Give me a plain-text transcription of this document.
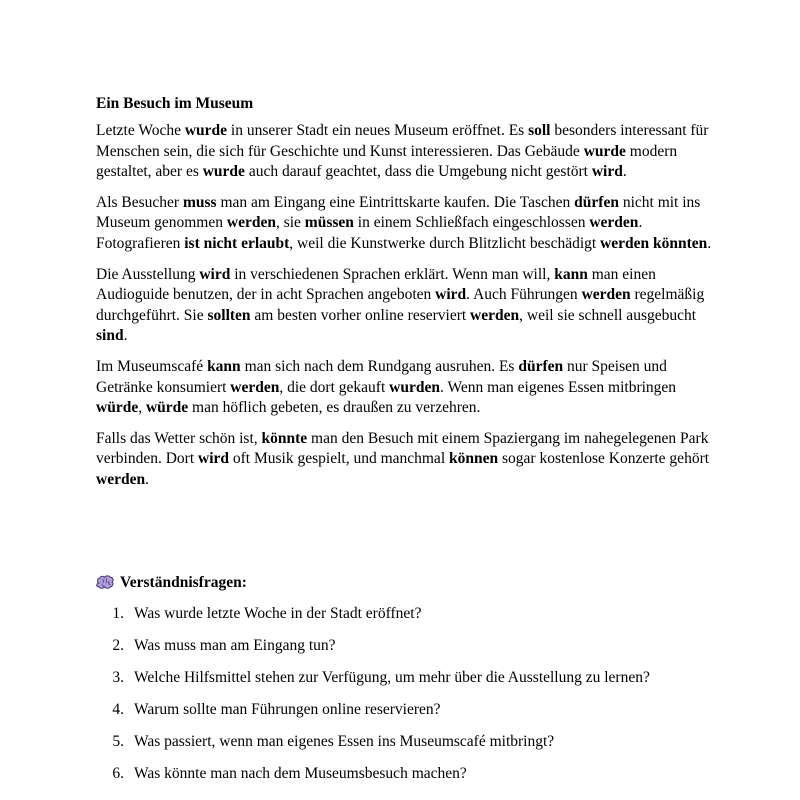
Ein Besuch im Museum

Letzte Woche wurde in unserer Stadt ein neues Museum eröffnet. Es soll besonders interessant für Menschen sein, die sich für Geschichte und Kunst interessieren. Das Gebäude wurde modern gestaltet, aber es wurde auch darauf geachtet, dass die Umgebung nicht gestört wird.

Als Besucher muss man am Eingang eine Eintrittskarte kaufen. Die Taschen dürfen nicht mit ins Museum genommen werden, sie müssen in einem Schließfach eingeschlossen werden. Fotografieren ist nicht erlaubt, weil die Kunstwerke durch Blitzlicht beschädigt werden könnten.

Die Ausstellung wird in verschiedenen Sprachen erklärt. Wenn man will, kann man einen Audioguide benutzen, der in acht Sprachen angeboten wird. Auch Führungen werden regelmäßig durchgeführt. Sie sollten am besten vorher online reserviert werden, weil sie schnell ausgebucht sind.

Im Museumscafé kann man sich nach dem Rundgang ausruhen. Es dürfen nur Speisen und Getränke konsumiert werden, die dort gekauft wurden. Wenn man eigenes Essen mitbringen würde, würde man höflich gebeten, es draußen zu verzehren.

Falls das Wetter schön ist, könnte man den Besuch mit einem Spaziergang im nahegelegenen Park verbinden. Dort wird oft Musik gespielt, und manchmal können sogar kostenlose Konzerte gehört werden.

Verständnisfragen:
1. Was wurde letzte Woche in der Stadt eröffnet?
2. Was muss man am Eingang tun?
3. Welche Hilfsmittel stehen zur Verfügung, um mehr über die Ausstellung zu lernen?
4. Warum sollte man Führungen online reservieren?
5. Was passiert, wenn man eigenes Essen ins Museumscafé mitbringt?
6. Was könnte man nach dem Museumsbesuch machen?
